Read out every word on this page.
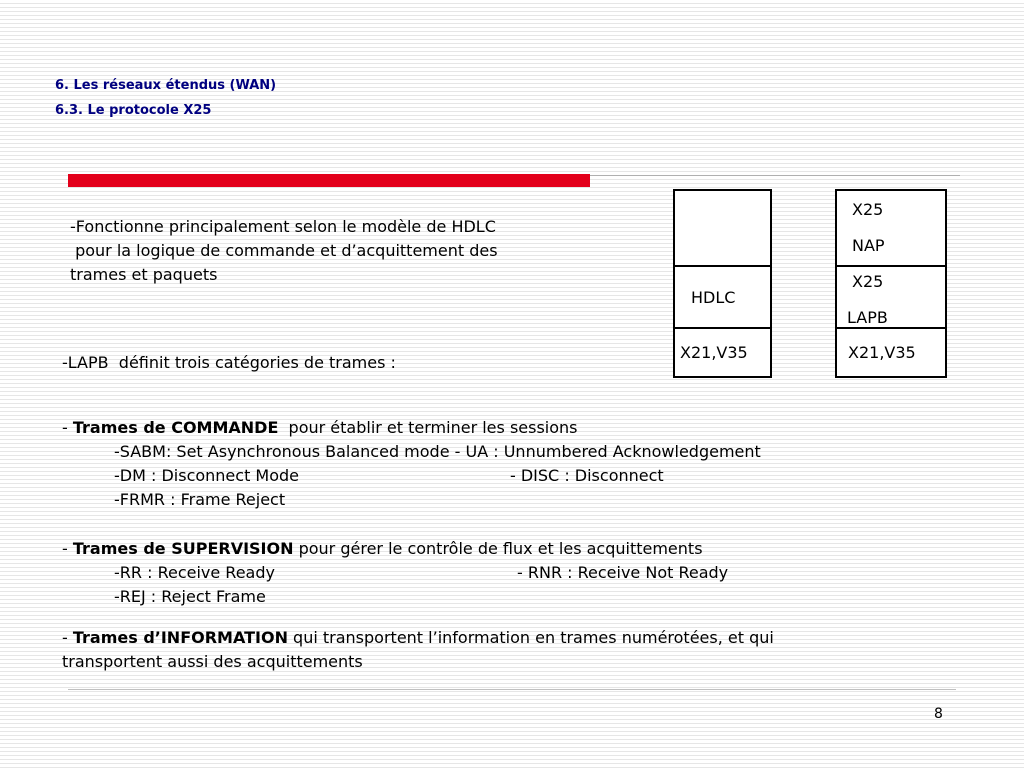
6. Les réseaux étendus (WAN)
6.3. Le protocole X25
-Fonctionne principalement selon le modèle de HDLC
pour la logique de commande et d’acquittement des
trames et paquets
-LAPB  définit trois catégories de trames :
HDLC
X21,V35
X25
NAP
X25
LAPB
X21,V35
- Trames de COMMANDE  pour établir et terminer les sessions
-SABM: Set Asynchronous Balanced mode - UA : Unnumbered Acknowledgement
-DM : Disconnect Mode	- DISC : Disconnect
-FRMR : Frame Reject
- Trames de SUPERVISION pour gérer le contrôle de flux et les acquittements
-RR : Receive Ready	- RNR : Receive Not Ready
-REJ : Reject Frame
- Trames d’INFORMATION qui transportent l’information en trames numérotées, et qui
transportent aussi des acquittements
8
